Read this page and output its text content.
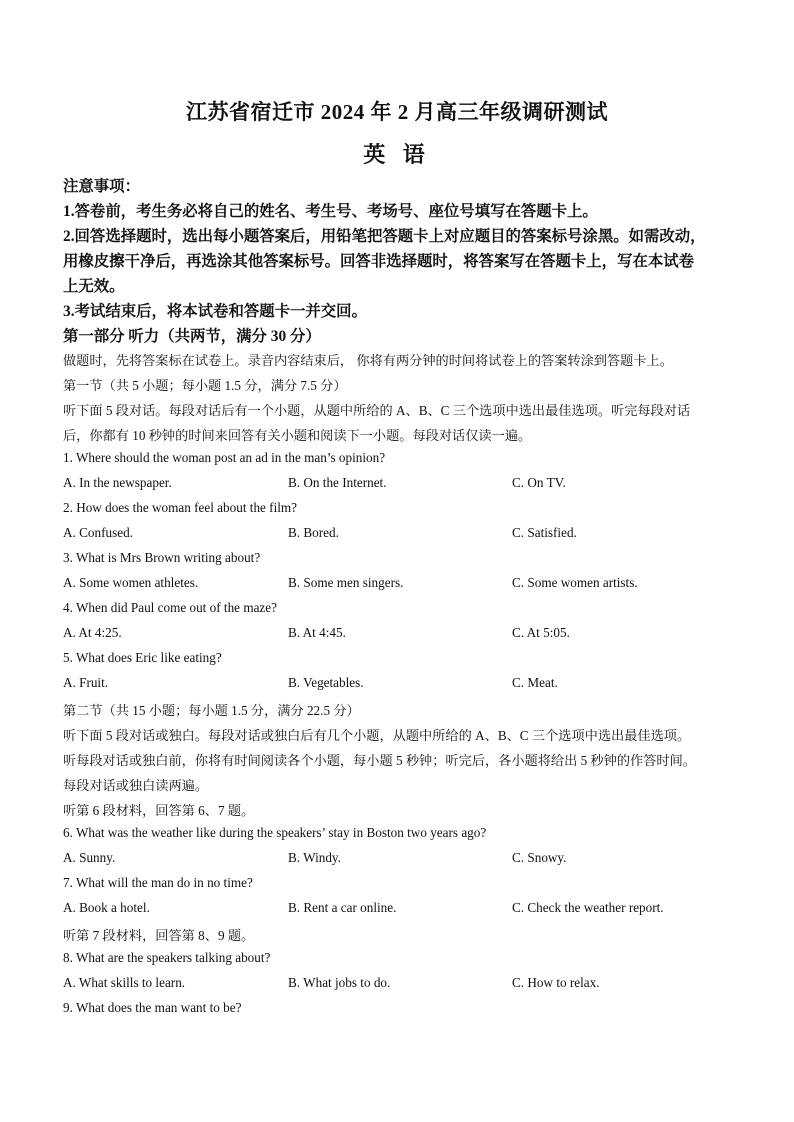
江苏省宿迁市 2024 年 2 月高三年级调研测试
英 语
注意事项：
1.答卷前，考生务必将自己的姓名、考生号、考场号、座位号填写在答题卡上。
2.回答选择题时，选出每小题答案后，用铅笔把答题卡上对应题目的答案标号涂黑。如需改动，
用橡皮擦干净后，再选涂其他答案标号。回答非选择题时，将答案写在答题卡上，写在本试卷
上无效。
3.考试结束后，将本试卷和答题卡一并交回。
第一部分 听力（共两节，满分 30 分）
做题时，先将答案标在试卷上。录音内容结束后， 你将有两分钟的时间将试卷上的答案转涂到答题卡上。
第一节（共 5 小题；每小题 1.5 分，满分 7.5 分）
听下面 5 段对话。每段对话后有一个小题，从题中所给的 A、B、C 三个选项中选出最佳选项。听完每段对话
后，你都有 10 秒钟的时间来回答有关小题和阅读下一小题。每段对话仅读一遍。
1. Where should the woman post an ad in the man’s opinion?
A. In the newspaper.	B. On the Internet.	C. On TV.
2. How does the woman feel about the film?
A. Confused.	B. Bored.	C. Satisfied.
3. What is Mrs Brown writing about?
A. Some women athletes.	B. Some men singers.	C. Some women artists.
4. When did Paul come out of the maze?
A. At 4:25.	B. At 4:45.	C. At 5:05.
5. What does Eric like eating?
A. Fruit.	B. Vegetables.	C. Meat.
第二节（共 15 小题；每小题 1.5 分，满分 22.5 分）
听下面 5 段对话或独白。每段对话或独白后有几个小题，从题中所给的 A、B、C 三个选项中选出最佳选项。
听每段对话或独白前，你将有时间阅读各个小题，每小题 5 秒钟；听完后，各小题将给出 5 秒钟的作答时间。
每段对话或独白读两遍。
听第 6 段材料，回答第 6、7 题。
6. What was the weather like during the speakers’ stay in Boston two years ago?
A. Sunny.	B. Windy.	C. Snowy.
7. What will the man do in no time?
A. Book a hotel.	B. Rent a car online.	C. Check the weather report.
听第 7 段材料，回答第 8、9 题。
8. What are the speakers talking about?
A. What skills to learn.	B. What jobs to do.	C. How to relax.
9. What does the man want to be?
